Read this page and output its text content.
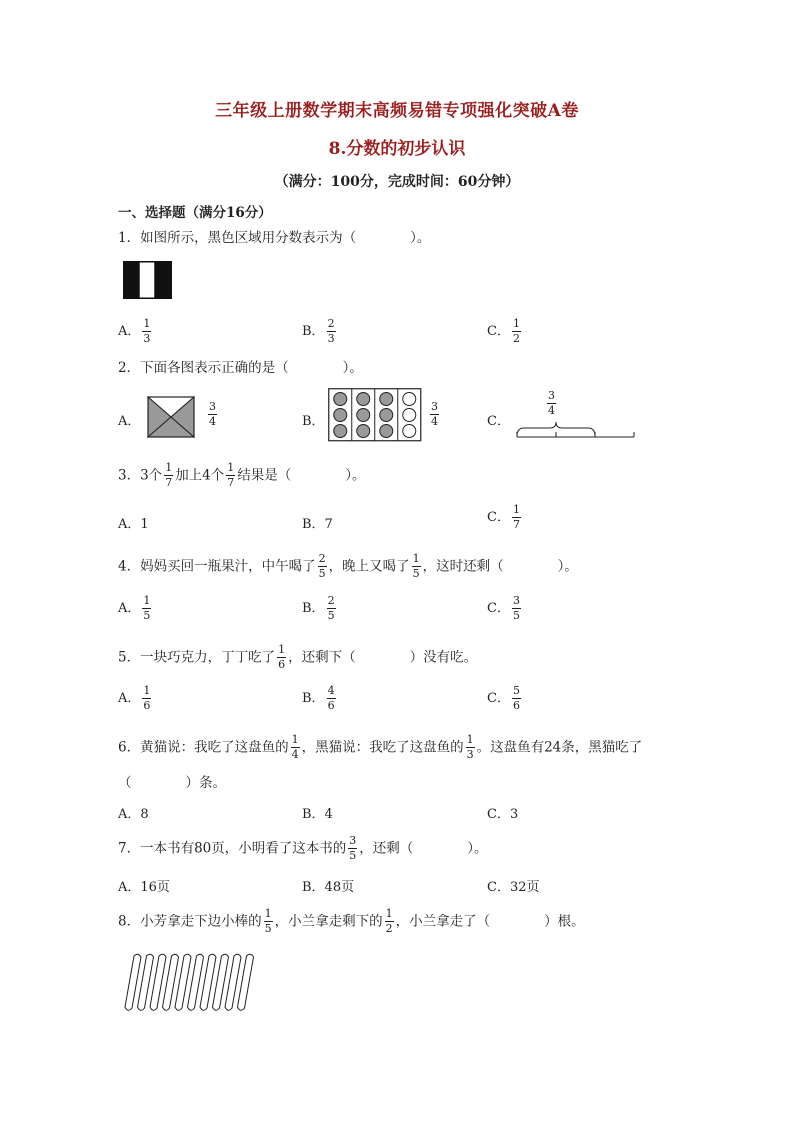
三年级上册数学期末高频易错专项强化突破A卷
8.分数的初步认识
（满分：100分，完成时间：60分钟）
一、选择题（满分16分）
1．如图所示，黑色区域用分数表示为（　　　　）。
A． $\frac{1}{3}$	B． $\frac{2}{3}$	C． $\frac{1}{2}$
2．下面各图表示正确的是（　　　　）。
A．	$\frac{3}{4}$	B．	$\frac{3}{4}$	C．
$\frac{3}{4}$
3．3个 $\frac{1}{7}$ 加上4个 $\frac{1}{7}$ 结果是（　　　　）。
A．1	B．7	C． $\frac{1}{7}$
4．妈妈买回一瓶果汁，中午喝了 $\frac{2}{5}$ ，晚上又喝了 $\frac{1}{5}$ ，这时还剩（　　　　）。
A． $\frac{1}{5}$	B． $\frac{2}{5}$	C． $\frac{3}{5}$
5．一块巧克力，丁丁吃了 $\frac{1}{6}$ ，还剩下（　　　　）没有吃。
A． $\frac{1}{6}$	B． $\frac{4}{6}$	C． $\frac{5}{6}$
6．黄猫说：我吃了这盘鱼的 $\frac{1}{4}$ ，黑猫说：我吃了这盘鱼的 $\frac{1}{3}$ 。这盘鱼有24条，黑猫吃了
（　　　　）条。
A．8	B．4	C．3
7．一本书有80页，小明看了这本书的 $\frac{3}{5}$ ，还剩（　　　　）。
A．16页	B．48页	C．32页
8．小芳拿走下边小棒的 $\frac{1}{5}$ ，小兰拿走剩下的 $\frac{1}{2}$ ，小兰拿走了（　　　　）根。
